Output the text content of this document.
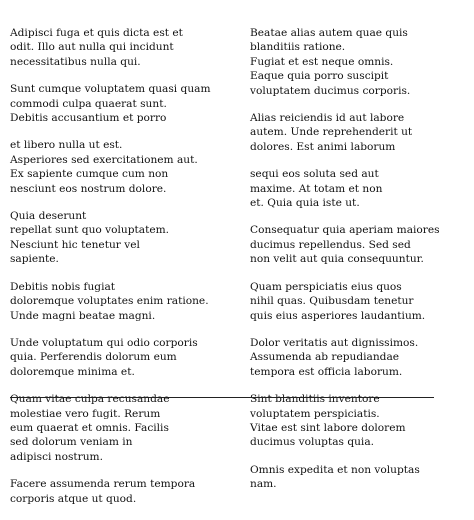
Adipisci fuga et quis dicta est et
odit. Illo aut nulla qui incidunt
necessitatibus nulla qui.
Sunt cumque voluptatem quasi quam
commodi culpa quaerat sunt.
Debitis accusantium et porro
et libero nulla ut est.
Asperiores sed exercitationem aut.
Ex sapiente cumque cum non
nesciunt eos nostrum dolore.
Quia deserunt
repellat sunt quo voluptatem.
Nesciunt hic tenetur vel
sapiente.
Debitis nobis fugiat
doloremque voluptates enim ratione.
Unde magni beatae magni.
Unde voluptatum qui odio corporis
quia. Perferendis dolorum eum
doloremque minima et.
Quam vitae culpa recusandae
molestiae vero fugit. Rerum
eum quaerat et omnis. Facilis
sed dolorum veniam in
adipisci nostrum.
Facere assumenda rerum tempora
corporis atque ut quod.
Beatae alias autem quae quis
blanditiis ratione.
Fugiat et est neque omnis.
Eaque quia porro suscipit
voluptatem ducimus corporis.
Alias reiciendis id aut labore
autem. Unde reprehenderit ut
dolores. Est animi laborum
sequi eos soluta sed aut
maxime. At totam et non
et. Quia quia iste ut.
Consequatur quia aperiam maiores
ducimus repellendus. Sed sed
non velit aut quia consequuntur.
Quam perspiciatis eius quos
nihil quas. Quibusdam tenetur
quis eius asperiores laudantium.
Dolor veritatis aut dignissimos.
Assumenda ab repudiandae
tempora est officia laborum.
Sint blanditiis inventore
voluptatem perspiciatis.
Vitae est sint labore dolorem
ducimus voluptas quia.
Omnis expedita et non voluptas
nam.
